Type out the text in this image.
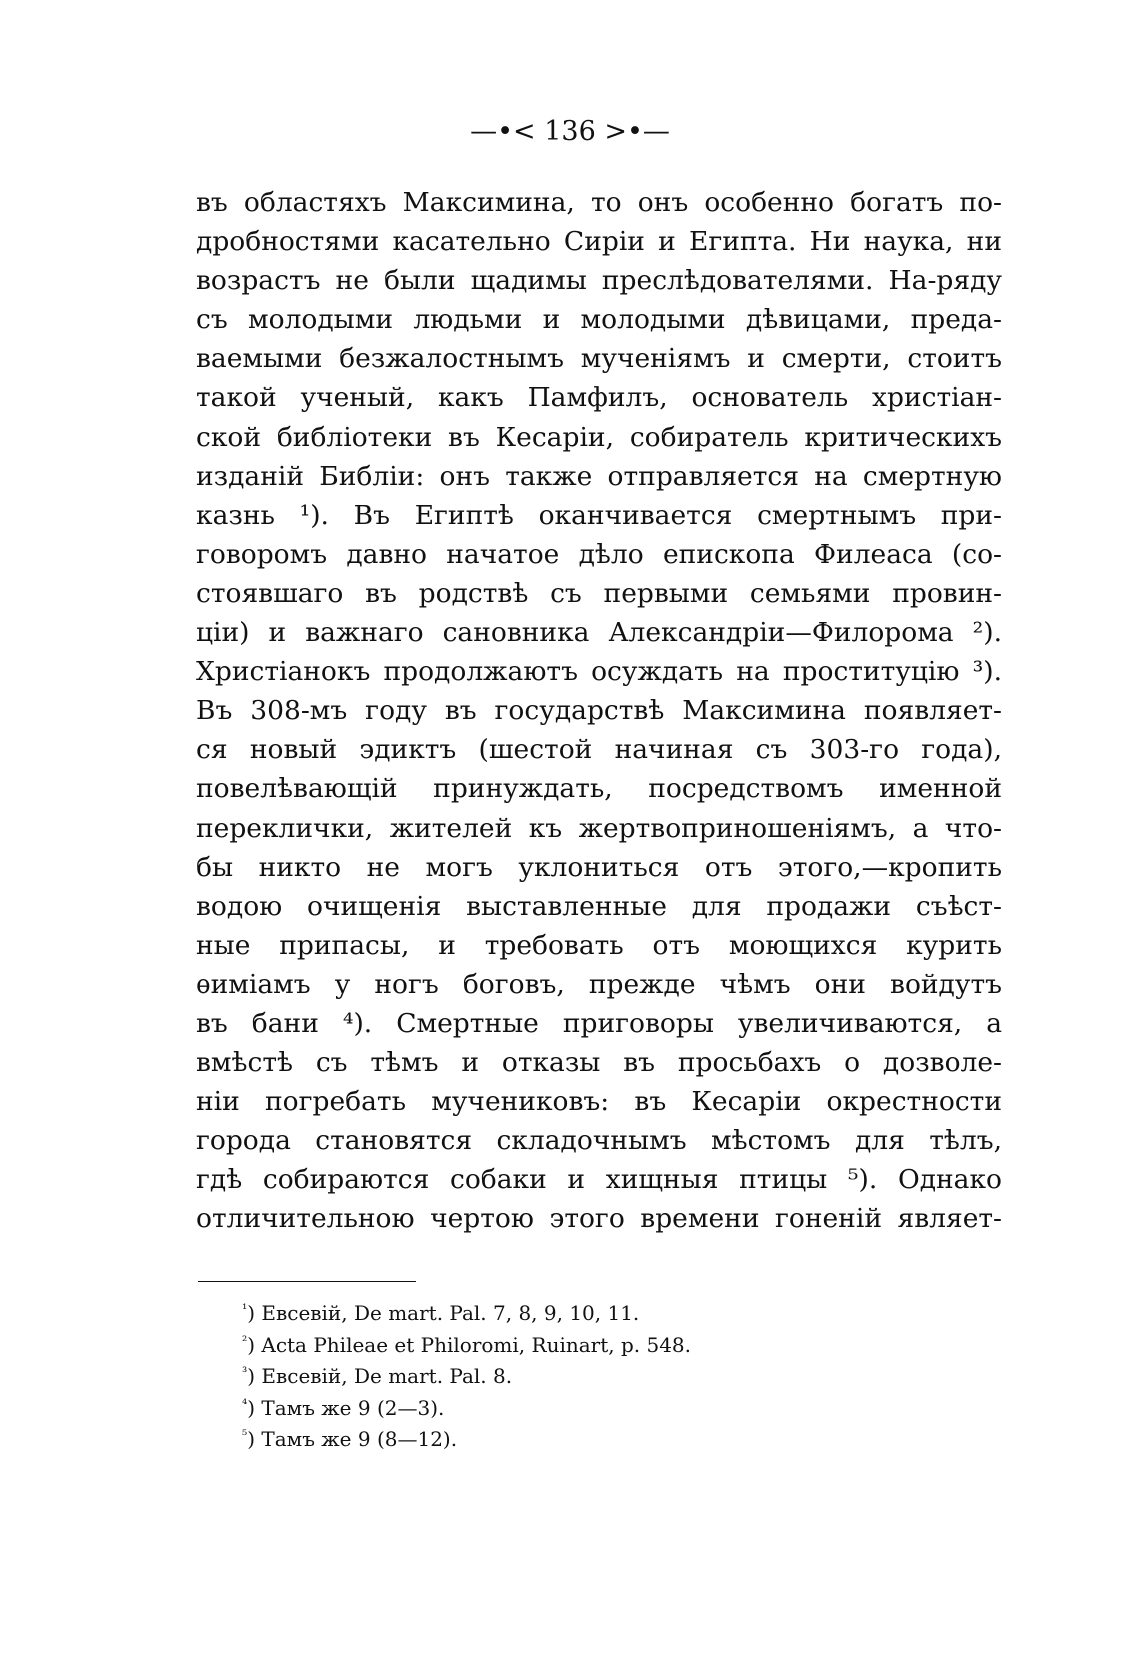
—•< 136 >•—
въ областяхъ Максимина, то онъ особенно богатъ по-
дробностями касательно Сиріи и Египта. Ни наука, ни
возрастъ не были щадимы преслѣдователями. На-ряду
съ молодыми людьми и молодыми дѣвицами, преда-
ваемыми безжалостнымъ мученіямъ и смерти, стоитъ
такой ученый, какъ Памфилъ, основатель христіан-
ской библіотеки въ Кесаріи, собиратель критическихъ
изданій Библіи: онъ также отправляется на смертную
казнь ¹). Въ Египтѣ оканчивается смертнымъ при-
говоромъ давно начатое дѣло епископа Филеаса (со-
стоявшаго въ родствѣ съ первыми семьями провин-
ціи) и важнаго сановника Александріи—Филорома ²).
Христіанокъ продолжаютъ осуждать на проституцію ³).
Въ 308-мъ году въ государствѣ Максимина появляет-
ся новый эдиктъ (шестой начиная съ 303-го года),
повелѣвающій принуждать, посредствомъ именной
переклички, жителей къ жертвоприношеніямъ, а что-
бы никто не могъ уклониться отъ этого,—кропить
водою очищенія выставленные для продажи съѣст-
ные припасы, и требовать отъ моющихся курить
ѳиміамъ у ногъ боговъ, прежде чѣмъ они войдутъ
въ бани ⁴). Смертные приговоры увеличиваются, а
вмѣстѣ съ тѣмъ и отказы въ просьбахъ о дозволе-
ніи погребать мучениковъ: въ Кесаріи окрестности
города становятся складочнымъ мѣстомъ для тѣлъ,
гдѣ собираются собаки и хищныя птицы ⁵). Однако
отличительною чертою этого времени гоненій являет-
$^{^1}$) Евсевій, De mart. Pal. 7, 8, 9, 10, 11.
$^{^2}$) Acta Phileae et Philoromi, Ruinart, p. 548.
$^{^3}$) Евсевій, De mart. Pal. 8.
$^{^4}$) Тамъ же 9 (2—3).
$^{^5}$) Тамъ же 9 (8—12).
